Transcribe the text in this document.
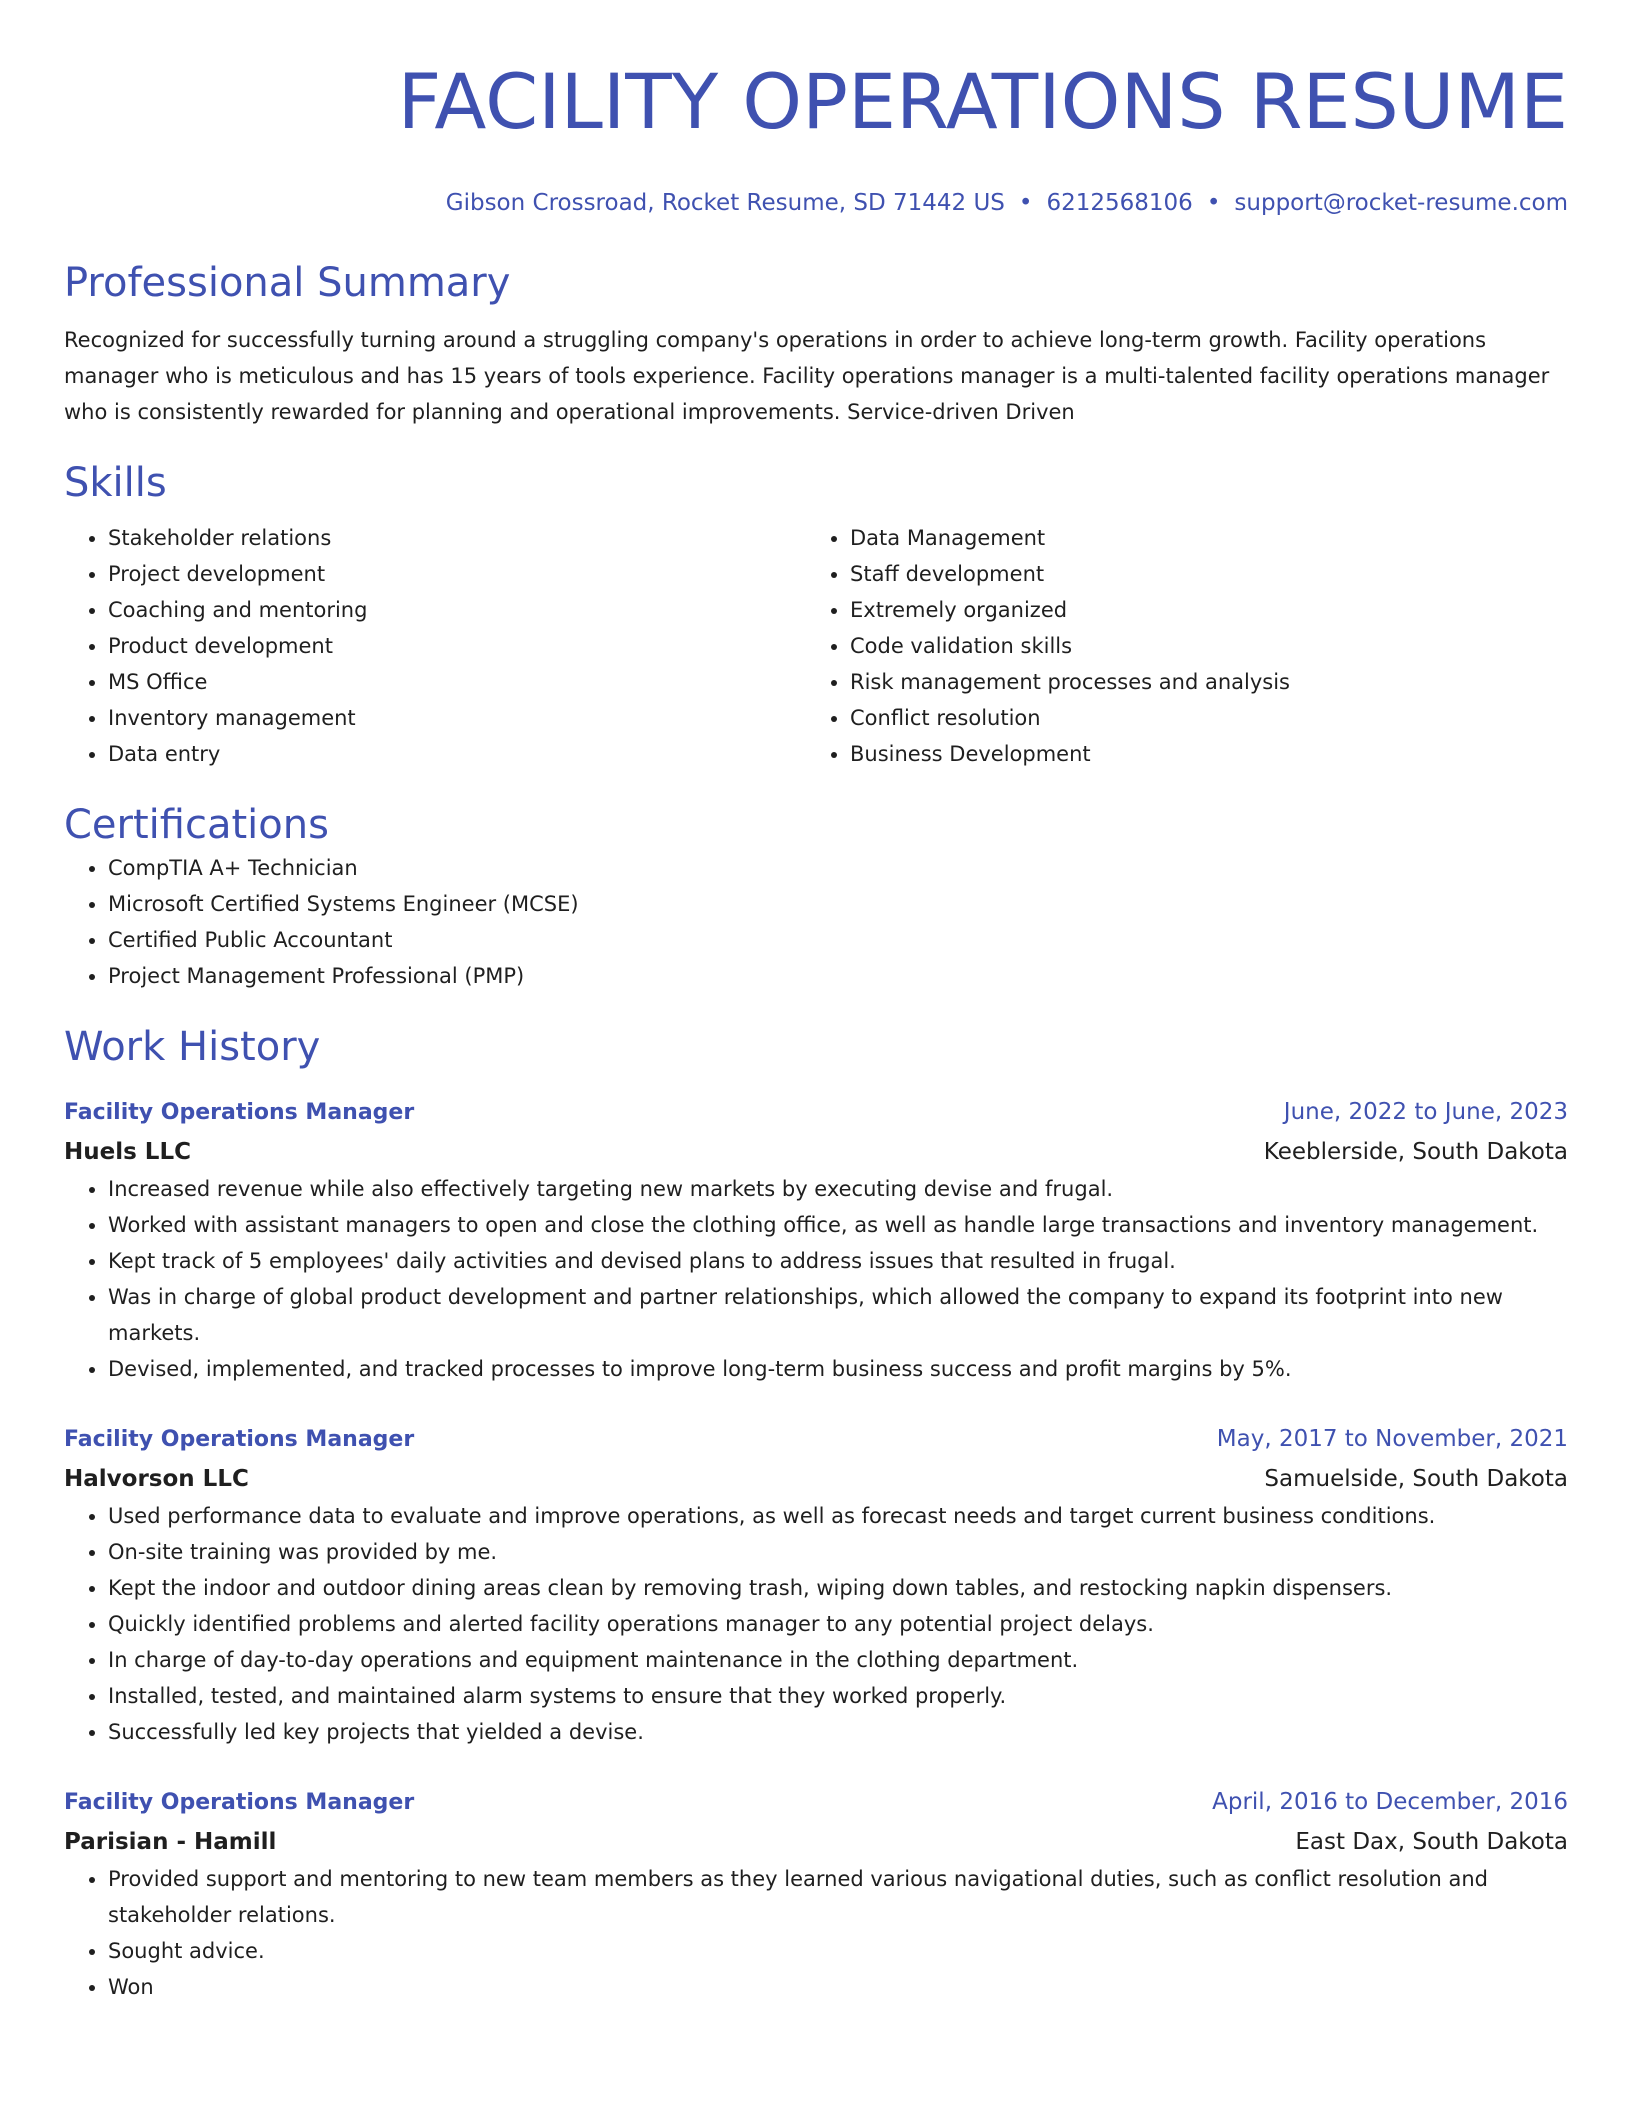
FACILITY OPERATIONS RESUME
Gibson Crossroad, Rocket Resume, SD 71442 US • 6212568106 • support@rocket-resume.com
Professional Summary

Recognized for successfully turning around a struggling company's operations in order to achieve long-term growth. Facility operations manager who is meticulous and has 15 years of tools experience. Facility operations manager is a multi-talented facility operations manager who is consistently rewarded for planning and operational improvements. Service-driven Driven

Skills
• Stakeholder relations
• Project development
• Coaching and mentoring
• Product development
• MS Office
• Inventory management
• Data entry
• Data Management
• Staff development
• Extremely organized
• Code validation skills
• Risk management processes and analysis
• Conflict resolution
• Business Development
Certifications
• CompTIA A+ Technician
• Microsoft Certified Systems Engineer (MCSE)
• Certified Public Accountant
• Project Management Professional (PMP)
Work History
Facility Operations Manager	June, 2022 to June, 2023
Huels LLC	Keeblerside, South Dakota
• Increased revenue while also effectively targeting new markets by executing devise and frugal.
• Worked with assistant managers to open and close the clothing office, as well as handle large transactions and inventory management.
• Kept track of 5 employees' daily activities and devised plans to address issues that resulted in frugal.
• Was in charge of global product development and partner relationships, which allowed the company to expand its footprint into new markets.
• Devised, implemented, and tracked processes to improve long-term business success and profit margins by 5%.
Facility Operations Manager	May, 2017 to November, 2021
Halvorson LLC	Samuelside, South Dakota
• Used performance data to evaluate and improve operations, as well as forecast needs and target current business conditions.
• On-site training was provided by me.
• Kept the indoor and outdoor dining areas clean by removing trash, wiping down tables, and restocking napkin dispensers.
• Quickly identified problems and alerted facility operations manager to any potential project delays.
• In charge of day-to-day operations and equipment maintenance in the clothing department.
• Installed, tested, and maintained alarm systems to ensure that they worked properly.
• Successfully led key projects that yielded a devise.
Facility Operations Manager	April, 2016 to December, 2016
Parisian - Hamill	East Dax, South Dakota
• Provided support and mentoring to new team members as they learned various navigational duties, such as conflict resolution and stakeholder relations.
• Sought advice.
• Won
